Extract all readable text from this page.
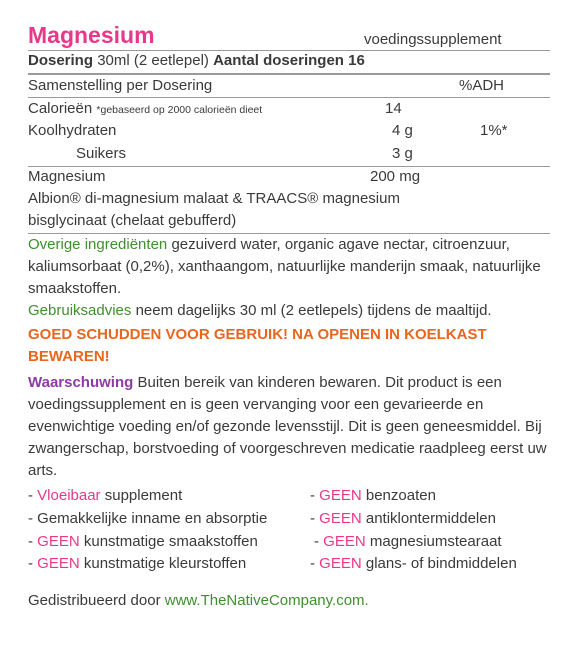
Magnesium	voedingssupplement
Dosering 30ml (2 eetlepel) Aantal doseringen 16
Samenstelling per Dosering	%ADH
Calorieën *gebaseerd op 2000 calorieën dieet	14
Koolhydraten	4 g	1%*
Suikers	3 g
Magnesium	200 mg
Albion® di-magnesium malaat & TRAACS® magnesium
bisglycinaat (chelaat gebufferd)
Overige ingrediënten gezuiverd water, organic agave nectar, citroenzuur, kaliumsorbaat (0,2%), xanthaangom, natuurlijke manderijn smaak, natuurlijke smaakstoffen.
Gebruiksadvies neem dagelijks 30 ml (2 eetlepels) tijdens de maaltijd.
GOED SCHUDDEN VOOR GEBRUIK! NA OPENEN IN KOELKAST BEWAREN!
Waarschuwing Buiten bereik van kinderen bewaren. Dit product is een voedingssupplement en is geen vervanging voor een gevarieerde en evenwichtige voeding en/of gezonde levensstijl. Dit is geen geneesmiddel. Bij zwangerschap, borstvoeding of voorgeschreven medicatie raadpleeg eerst uw arts.
- Vloeibaar supplement
- Gemakkelijke inname en absorptie
- GEEN kunstmatige smaakstoffen
- GEEN kunstmatige kleurstoffen
- GEEN benzoaten
- GEEN antiklontermiddelen
- GEEN magnesiumstearaat
- GEEN glans- of bindmiddelen
Gedistribueerd door www.TheNativeCompany.com.
